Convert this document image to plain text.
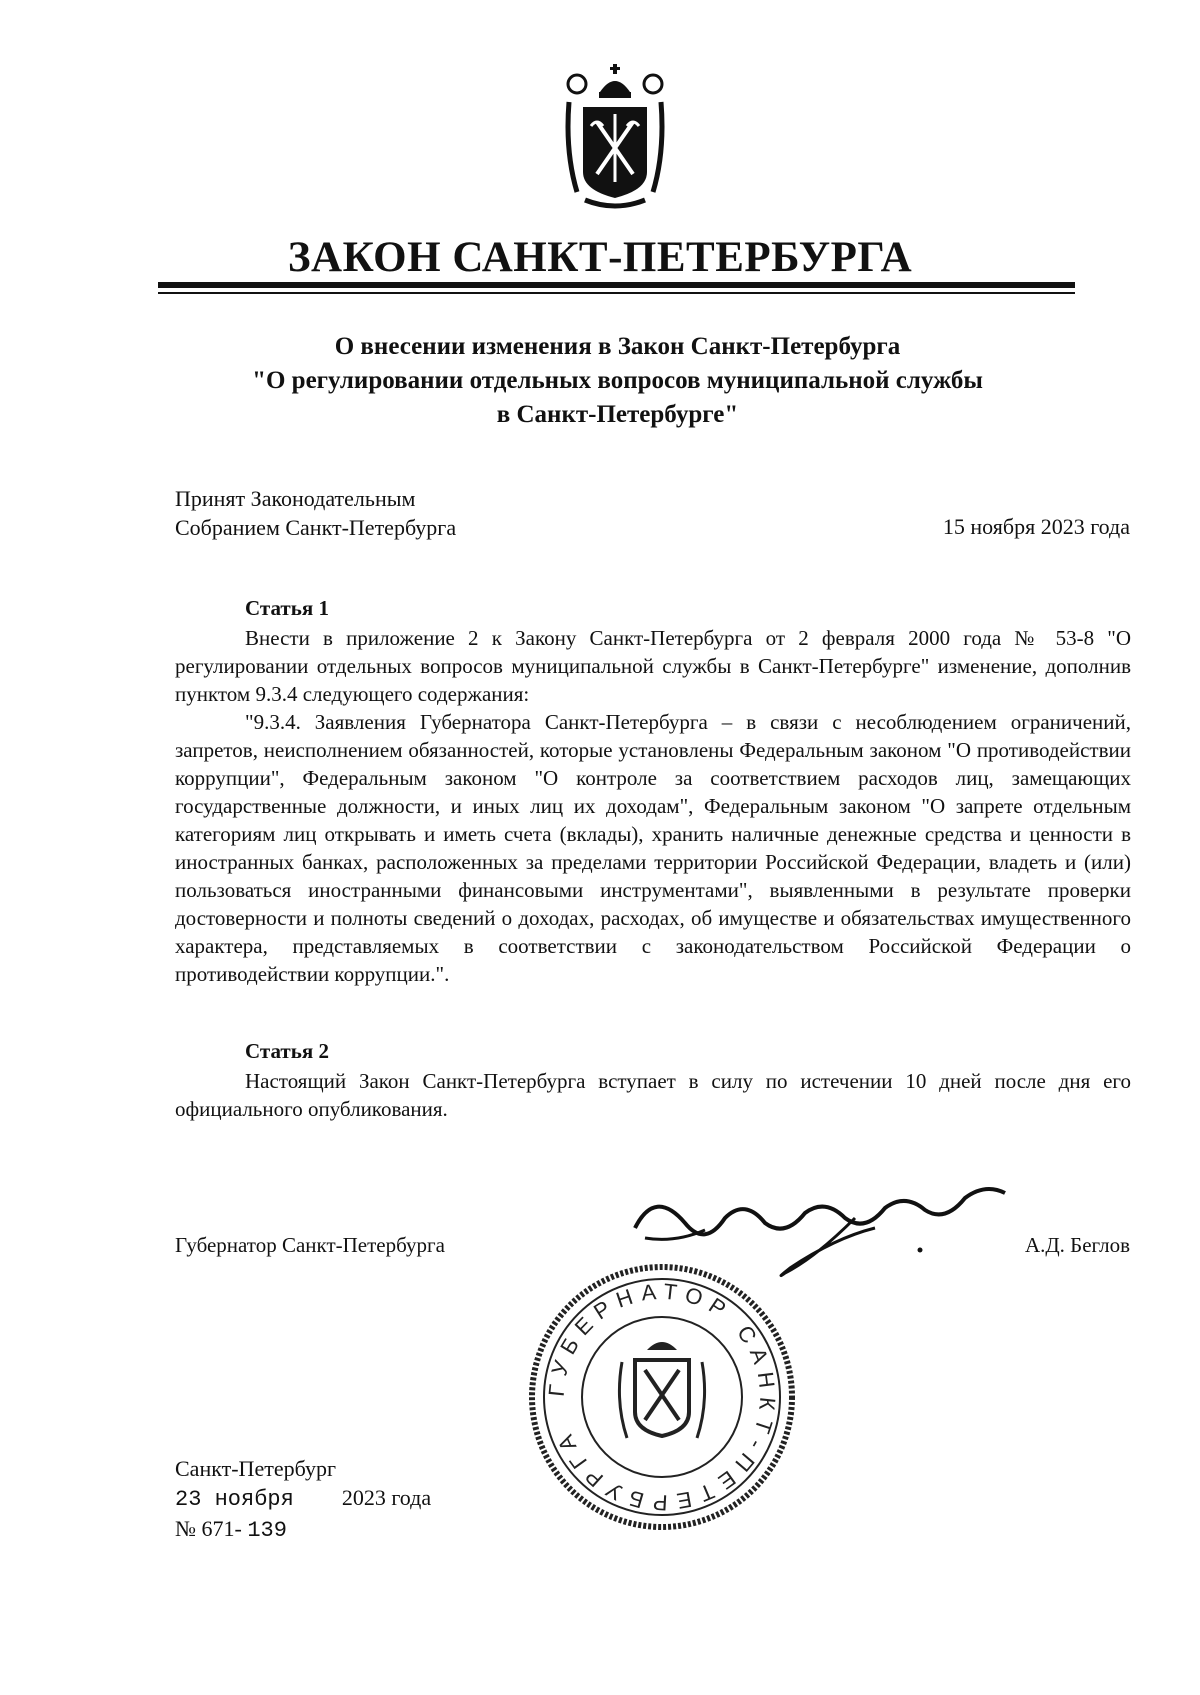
ЗАКОН САНКТ-ПЕТЕРБУРГА
О внесении изменения в Закон Санкт-Петербурга
"О регулировании отдельных вопросов муниципальной службы
в Санкт-Петербурге"
Принят Законодательным
Собранием Санкт-Петербурга	15 ноября 2023 года
Статья 1

Внести в приложение 2 к Закону Санкт-Петербурга от 2 февраля 2000 года № 53-8 "О регулировании отдельных вопросов муниципальной службы в Санкт-Петербурге" изменение, дополнив пунктом 9.3.4 следующего содержания:

"9.3.4. Заявления Губернатора Санкт-Петербурга – в связи с несоблюдением ограничений, запретов, неисполнением обязанностей, которые установлены Федеральным законом "О противодействии коррупции", Федеральным законом "О контроле за соответствием расходов лиц, замещающих государственные должности, и иных лиц их доходам", Федеральным законом "О запрете отдельным категориям лиц открывать и иметь счета (вклады), хранить наличные денежные средства и ценности в иностранных банках, расположенных за пределами территории Российской Федерации, владеть и (или) пользоваться иностранными финансовыми инструментами", выявленными в результате проверки достоверности и полноты сведений о доходах, расходах, об имуществе и обязательствах имущественного характера, представляемых в соответствии с законодательством Российской Федерации о противодействии коррупции.".

Статья 2

Настоящий Закон Санкт-Петербурга вступает в силу по истечении 10 дней после дня его официального опубликования.

Губернатор Санкт-Петербурга	А.Д. Беглов
ГУБЕРНАТОР САНКТ-ПЕТЕРБУРГА
Санкт-Петербург
23 ноября 2023 года
№ 671- 139
